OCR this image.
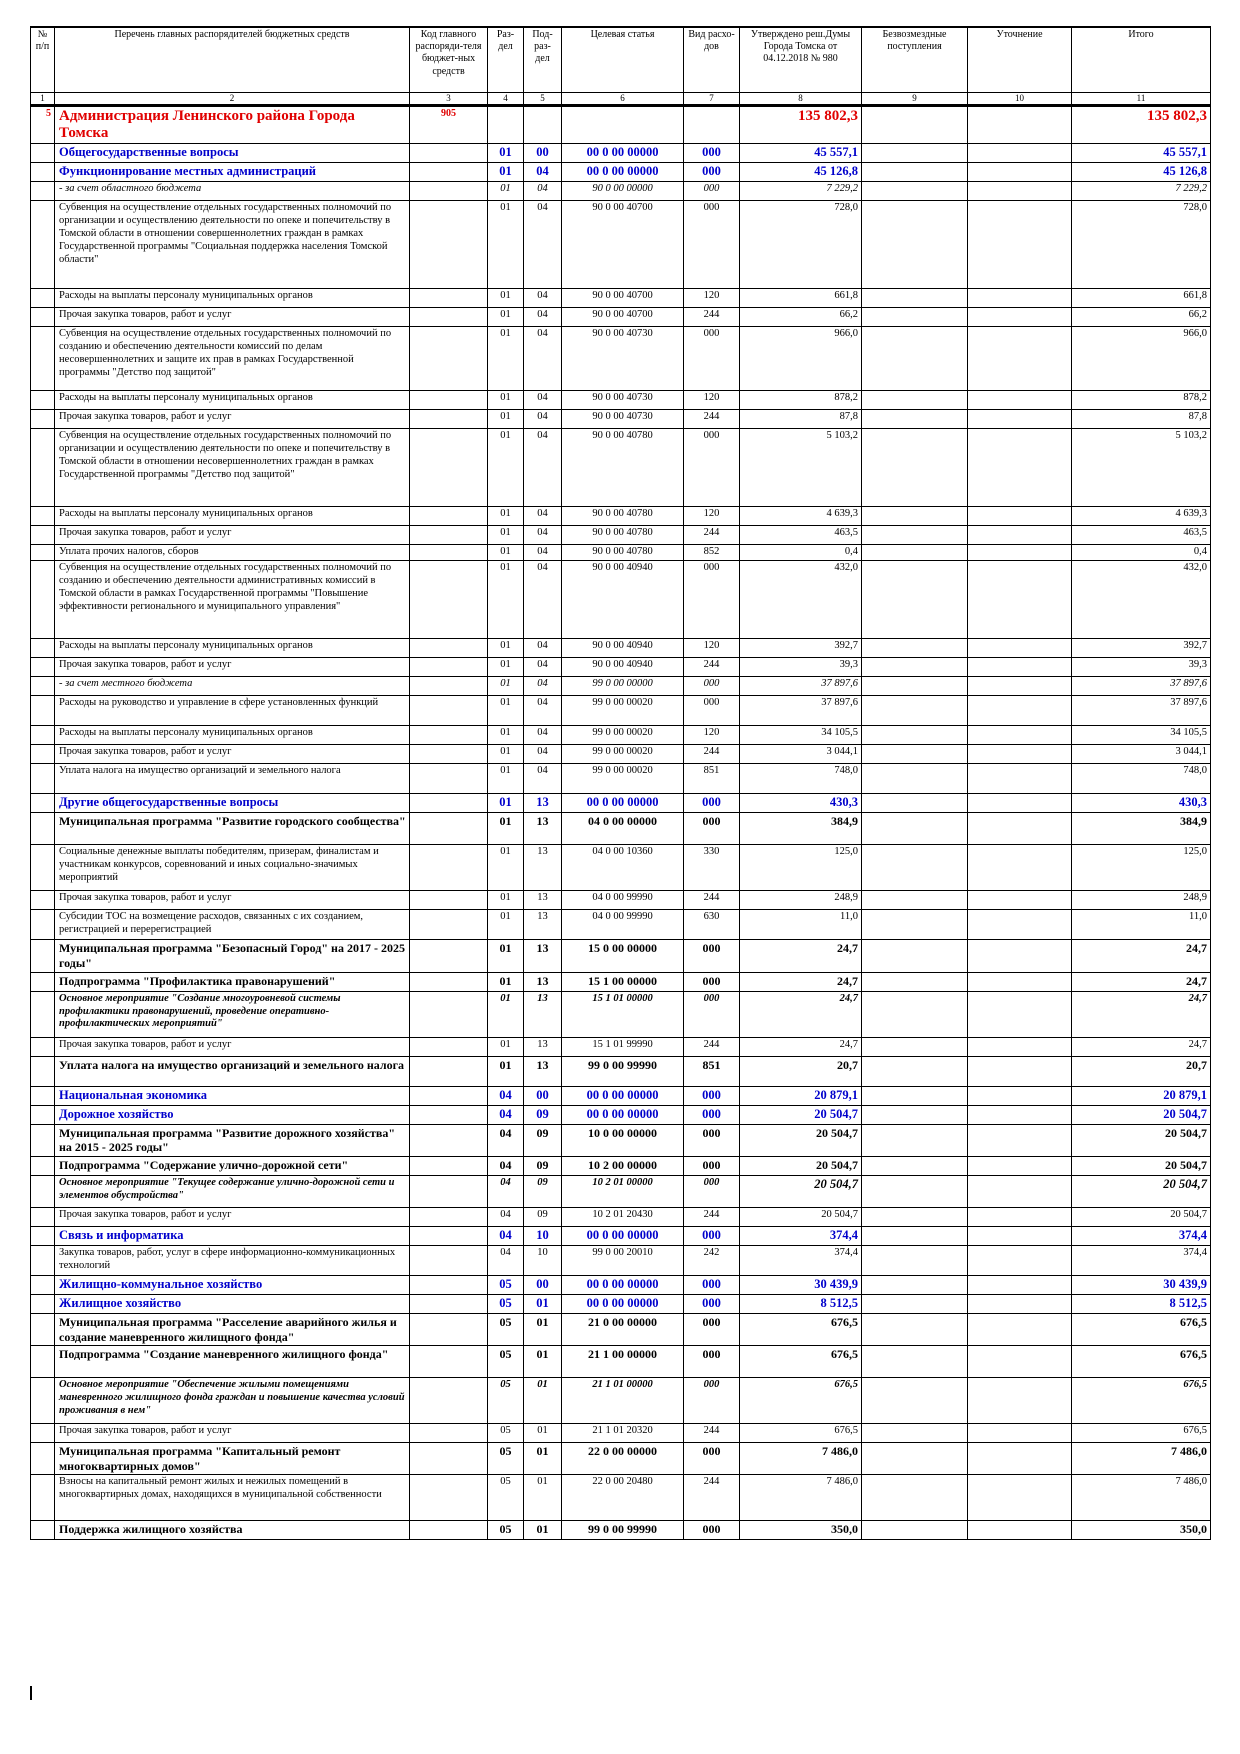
№ п/п	Перечень главных распорядителей бюджетных средств	Код главного распоряди-теля бюджет-ных средств	Раз-дел	Под-раз-дел	Целевая статья	Вид расхо-дов	Утверждено реш.Думы Города Томска от 04.12.2018 № 980	Безвозмездные поступления	Уточнение	Итого
1	2	3	4	5	6	7	8	9	10	11
5	Администрация Ленинского района Города Томска	905					135 802,3			135 802,3
	Общегосударственные вопросы		01	00	00 0 00 00000	000	45 557,1			45 557,1
	Функционирование местных администраций		01	04	00 0 00 00000	000	45 126,8			45 126,8
	- за счет областного бюджета		01	04	90 0 00 00000	000	7 229,2			7 229,2
	Субвенция на осуществление отдельных государственных полномочий по организации и осуществлению деятельности по опеке и попечительству в Томской области в отношении совершеннолетних граждан в рамках Государственной программы "Социальная поддержка населения Томской области"		01	04	90 0 00 40700	000	728,0			728,0
	Расходы на выплаты персоналу муниципальных органов		01	04	90 0 00 40700	120	661,8			661,8
	Прочая закупка товаров, работ и услуг		01	04	90 0 00 40700	244	66,2			66,2
	Субвенция на осуществление отдельных государственных полномочий по созданию и обеспечению деятельности комиссий по делам несовершеннолетних и защите их прав в рамках Государственной программы "Детство под защитой"		01	04	90 0 00 40730	000	966,0			966,0
	Расходы на выплаты персоналу муниципальных органов		01	04	90 0 00 40730	120	878,2			878,2
	Прочая закупка товаров, работ и услуг		01	04	90 0 00 40730	244	87,8			87,8
	Субвенция на осуществление отдельных государственных полномочий по организации и осуществлению деятельности по опеке и попечительству в Томской области в отношении несовершеннолетних граждан в рамках Государственной программы "Детство под защитой"		01	04	90 0 00 40780	000	5 103,2			5 103,2
	Расходы на выплаты персоналу муниципальных органов		01	04	90 0 00 40780	120	4 639,3			4 639,3
	Прочая закупка товаров, работ и услуг		01	04	90 0 00 40780	244	463,5			463,5
	Уплата прочих налогов, сборов		01	04	90 0 00 40780	852	0,4			0,4
	Субвенция на осуществление отдельных государственных полномочий по созданию и обеспечению деятельности административных комиссий в Томской области в рамках Государственной программы "Повышение эффективности регионального и муниципального управления"		01	04	90 0 00 40940	000	432,0			432,0
	Расходы на выплаты персоналу муниципальных органов		01	04	90 0 00 40940	120	392,7			392,7
	Прочая закупка товаров, работ и услуг		01	04	90 0 00 40940	244	39,3			39,3
	- за счет местного бюджета		01	04	99 0 00 00000	000	37 897,6			37 897,6
	Расходы на руководство и управление в сфере установленных функций		01	04	99 0 00 00020	000	37 897,6			37 897,6
	Расходы на выплаты персоналу муниципальных органов		01	04	99 0 00 00020	120	34 105,5			34 105,5
	Прочая закупка товаров, работ и услуг		01	04	99 0 00 00020	244	3 044,1			3 044,1
	Уплата налога на имущество организаций и земельного налога		01	04	99 0 00 00020	851	748,0			748,0
	Другие общегосударственные вопросы		01	13	00 0 00 00000	000	430,3			430,3
	Муниципальная программа "Развитие городского сообщества"		01	13	04 0 00 00000	000	384,9			384,9
	Социальные денежные выплаты победителям, призерам, финалистам и участникам конкурсов, соревнований и иных социально-значимых мероприятий		01	13	04 0 00 10360	330	125,0			125,0
	Прочая закупка товаров, работ и услуг		01	13	04 0 00 99990	244	248,9			248,9
	Субсидии ТОС на возмещение расходов, связанных с их созданием, регистрацией и перерегистрацией		01	13	04 0 00 99990	630	11,0			11,0
	Муниципальная программа "Безопасный Город" на 2017 - 2025 годы"		01	13	15 0 00 00000	000	24,7			24,7
	Подпрограмма "Профилактика правонарушений"		01	13	15 1 00 00000	000	24,7			24,7
	Основное мероприятие "Создание многоуровневой системы профилактики правонарушений, проведение оперативно-профилактических мероприятий"		01	13	15 1 01 00000	000	24,7			24,7
	Прочая закупка товаров, работ и услуг		01	13	15 1 01 99990	244	24,7			24,7
	Уплата налога на имущество организаций и земельного налога		01	13	99 0 00 99990	851	20,7			20,7
	Национальная экономика		04	00	00 0 00 00000	000	20 879,1			20 879,1
	Дорожное хозяйство		04	09	00 0 00 00000	000	20 504,7			20 504,7
	Муниципальная программа "Развитие дорожного хозяйства" на 2015 - 2025 годы"		04	09	10 0 00 00000	000	20 504,7			20 504,7
	Подпрограмма "Содержание улично-дорожной сети"		04	09	10 2 00 00000	000	20 504,7			20 504,7
	Основное мероприятие "Текущее содержание улично-дорожной сети и элементов обустройства"		04	09	10 2 01 00000	000	20 504,7			20 504,7
	Прочая закупка товаров, работ и услуг		04	09	10 2 01 20430	244	20 504,7			20 504,7
	Связь и информатика		04	10	00 0 00 00000	000	374,4			374,4
	Закупка товаров, работ, услуг в сфере информационно-коммуникационных технологий		04	10	99 0 00 20010	242	374,4			374,4
	Жилищно-коммунальное хозяйство		05	00	00 0 00 00000	000	30 439,9			30 439,9
	Жилищное хозяйство		05	01	00 0 00 00000	000	8 512,5			8 512,5
	Муниципальная программа "Расселение аварийного жилья и создание маневренного жилищного фонда"		05	01	21 0 00 00000	000	676,5			676,5
	Подпрограмма "Создание маневренного жилищного фонда"		05	01	21 1 00 00000	000	676,5			676,5
	Основное мероприятие "Обеспечение жилыми помещениями маневренного жилищного фонда граждан и повышение качества условий проживания в нем"		05	01	21 1 01 00000	000	676,5			676,5
	Прочая закупка товаров, работ и услуг		05	01	21 1 01 20320	244	676,5			676,5
	Муниципальная программа "Капитальный ремонт многоквартирных домов"		05	01	22 0 00 00000	000	7 486,0			7 486,0
	Взносы на капитальный ремонт жилых и нежилых помещений в многоквартирных домах, находящихся в муниципальной собственности		05	01	22 0 00 20480	244	7 486,0			7 486,0
	Поддержка жилищного хозяйства		05	01	99 0 00 99990	000	350,0			350,0
